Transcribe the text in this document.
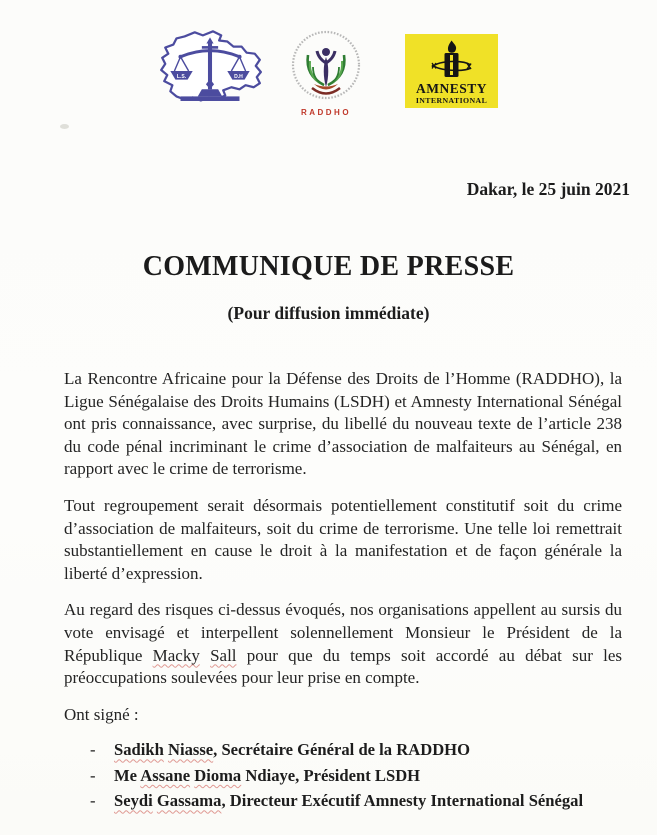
L.S.	D.H
RADDHO
AMNESTY
INTERNATIONAL
Dakar, le 25 juin 2021
COMMUNIQUE DE PRESSE
(Pour diffusion immédiate)

La Rencontre Africaine pour la Défense des Droits de l’Homme (RADDHO), la Ligue Sénégalaise des Droits Humains (LSDH) et Amnesty International Sénégal ont pris connaissance, avec surprise, du libellé du nouveau texte de l’article 238 du code pénal incriminant le crime d’association de malfaiteurs au Sénégal, en rapport avec le crime de terrorisme.

Tout regroupement serait désormais potentiellement constitutif soit du crime d’association de malfaiteurs, soit du crime de terrorisme. Une telle loi remettrait substantiellement en cause le droit à la manifestation et de façon générale la liberté d’expression.

Au regard des risques ci-dessus évoqués, nos organisations appellent au sursis du vote envisagé et interpellent solennellement Monsieur le Président de la République Macky Sall pour que du temps soit accordé au débat sur les préoccupations soulevées pour leur prise en compte.

Ont signé :

-	Sadikh Niasse, Secrétaire Général de la RADDHO
-	Me Assane Dioma Ndiaye, Président LSDH
-	Seydi Gassama, Directeur Exécutif Amnesty International Sénégal
